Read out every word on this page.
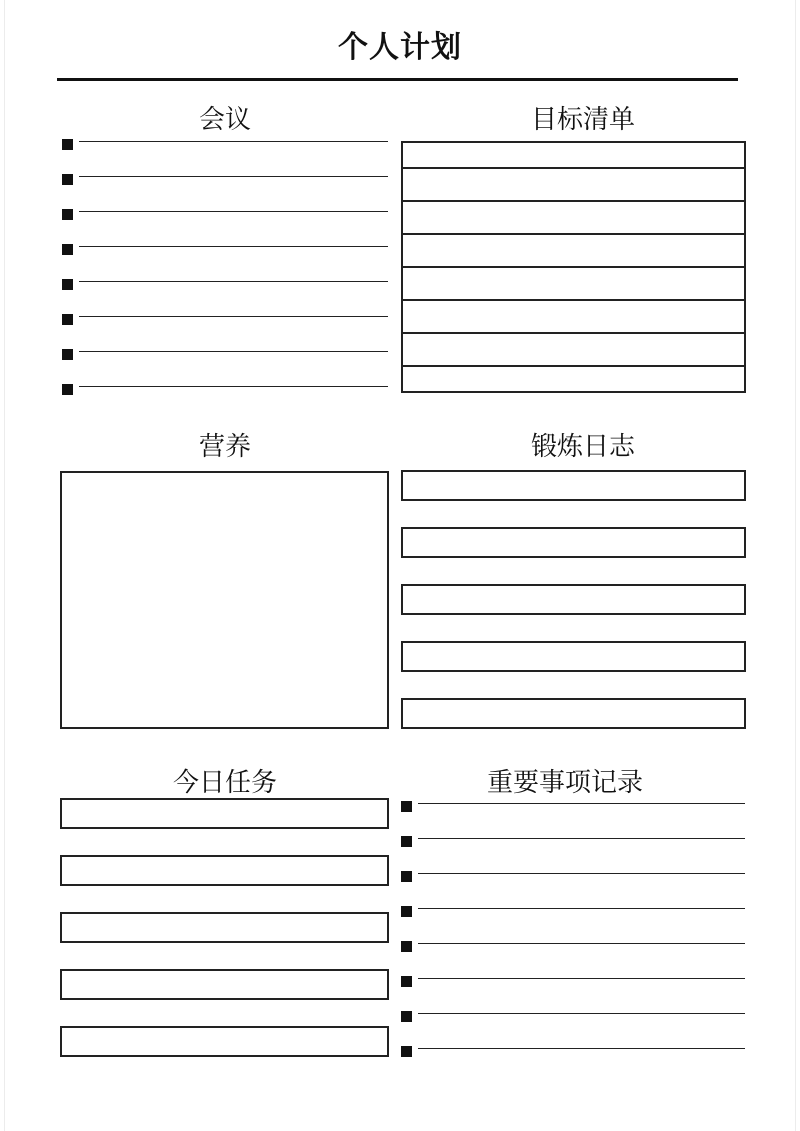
个人计划
会议	目标清单
营养	锻炼日志
今日任务	重要事项记录
